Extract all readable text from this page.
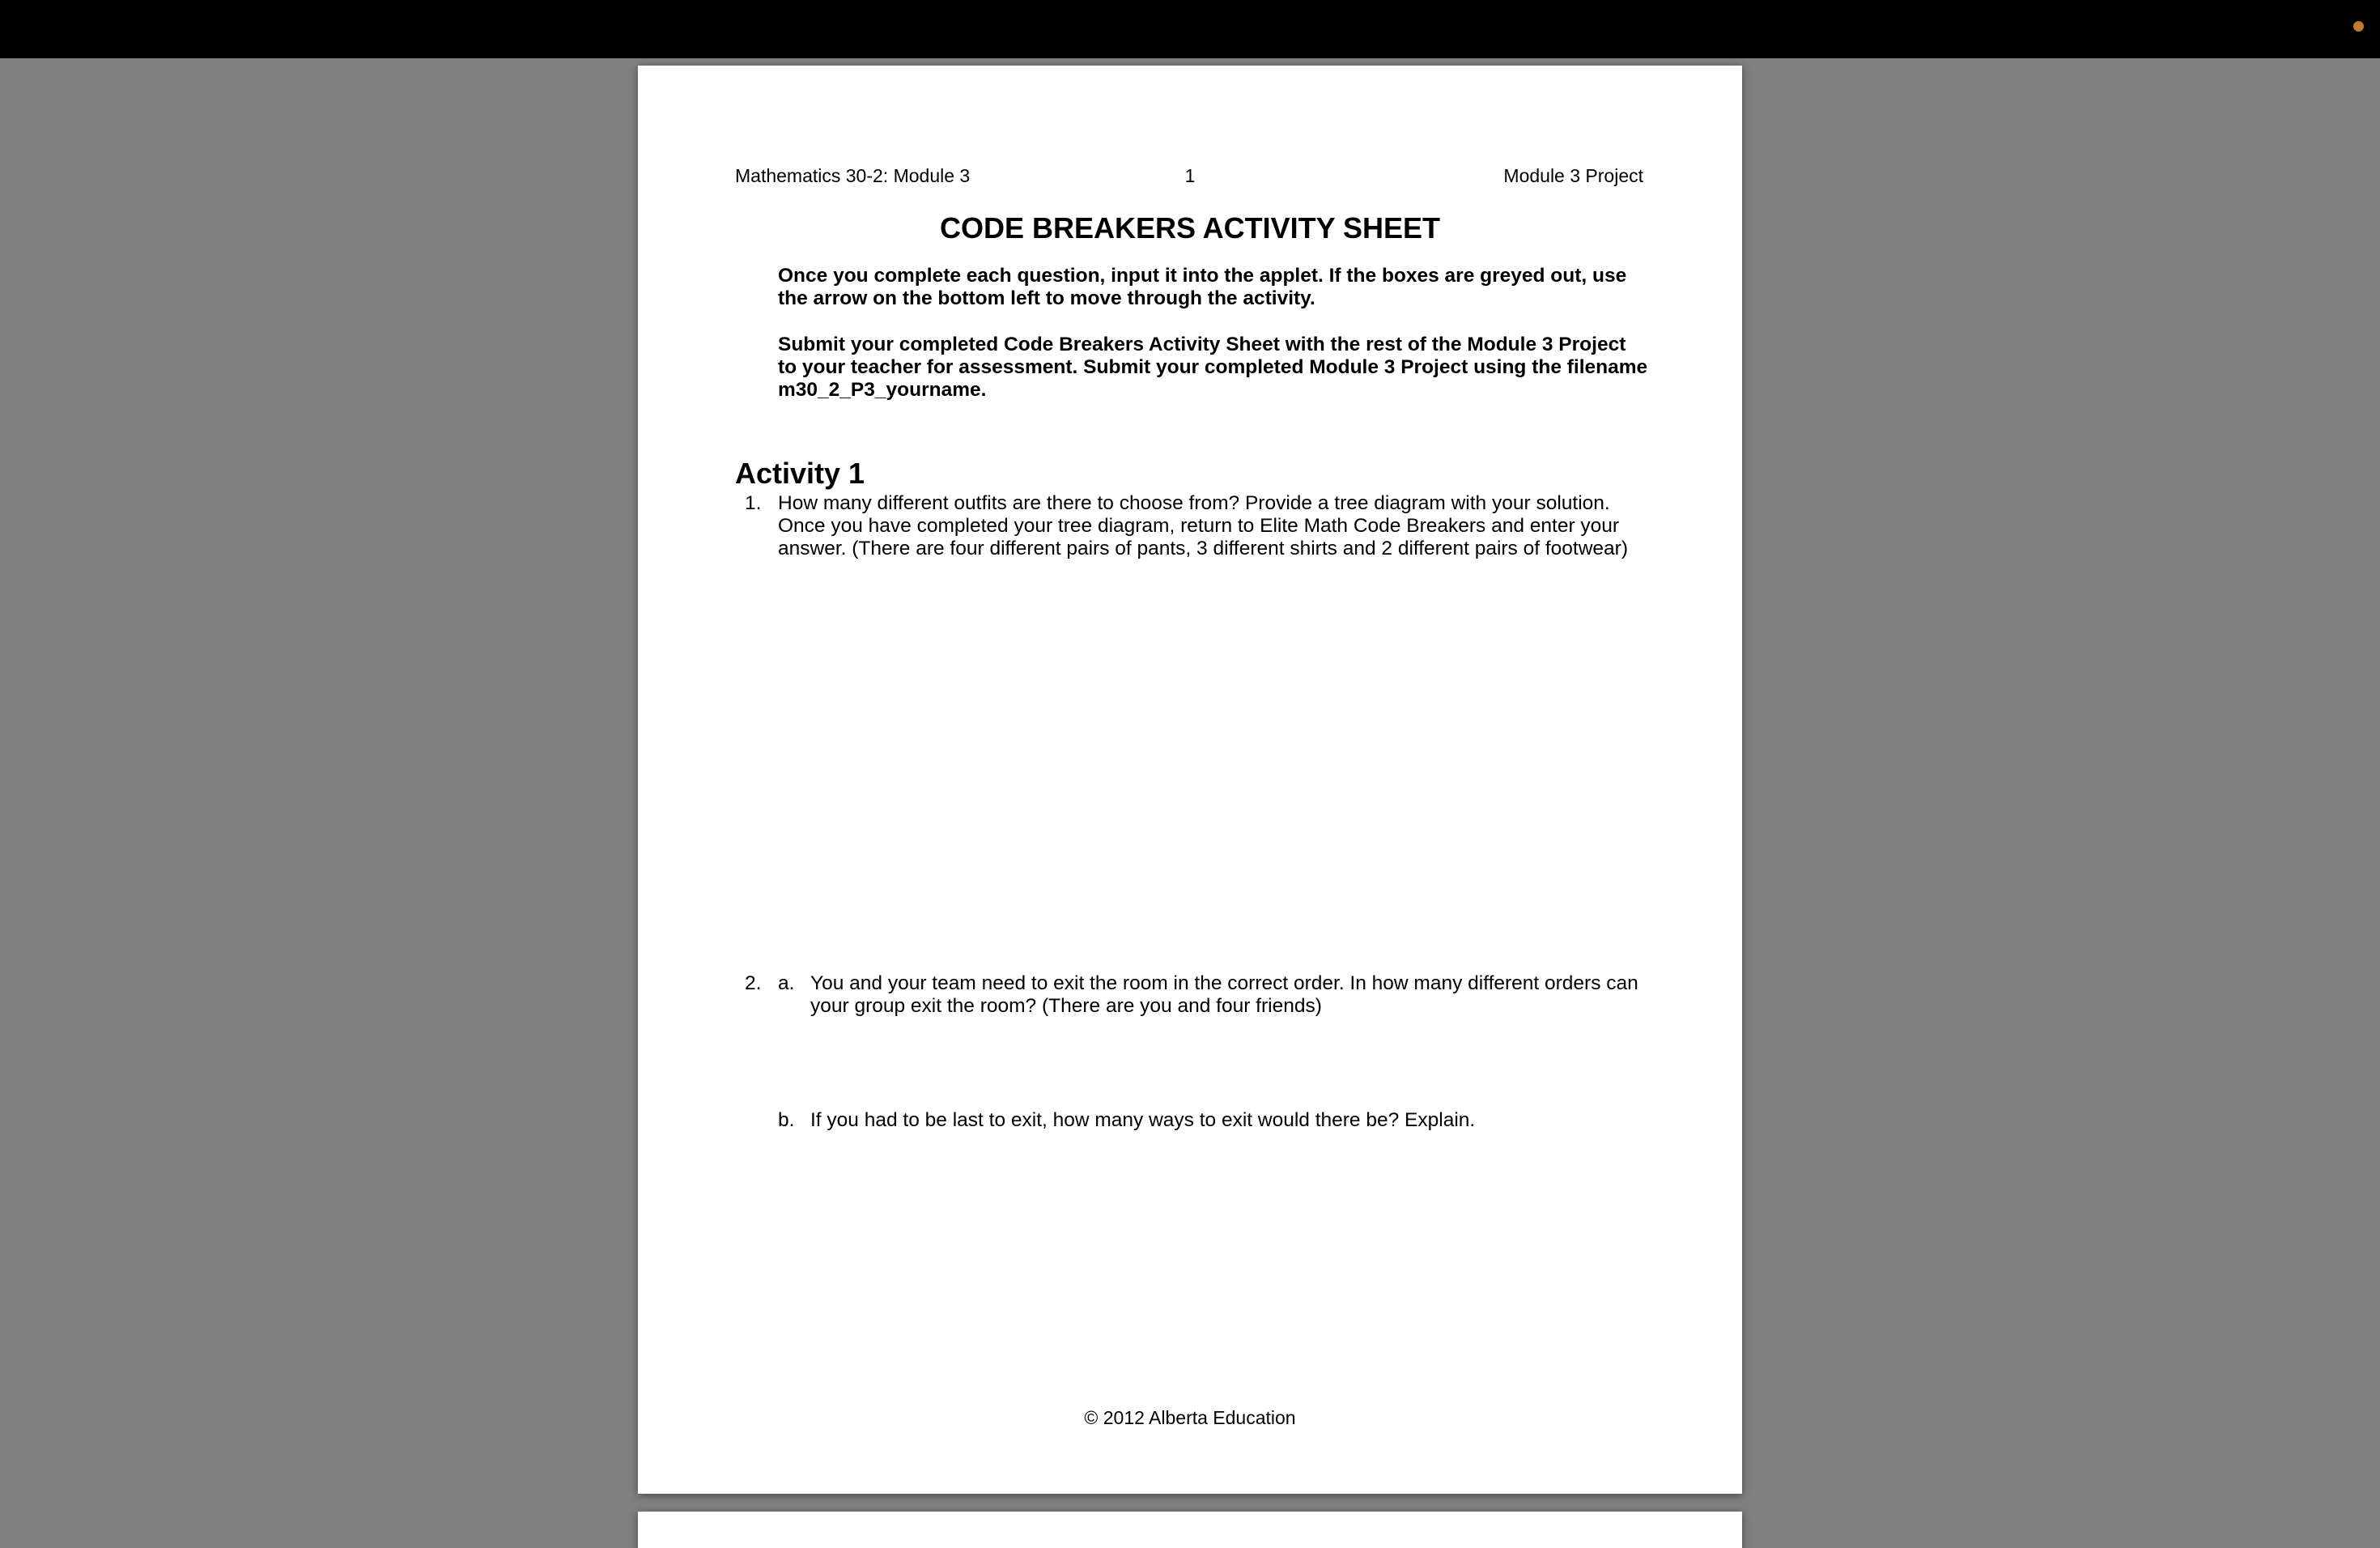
Mathematics 30-2: Module 3	1	Module 3 Project
CODE BREAKERS ACTIVITY SHEET
Once you complete each question, input it into the applet. If the boxes are greyed out, use the arrow on the bottom left to move through the activity.
Submit your completed Code Breakers Activity Sheet with the rest of the Module 3 Project to your teacher for assessment. Submit your completed Module 3 Project using the filename m30_2_P3_yourname.
Activity 1
1. How many different outfits are there to choose from? Provide a tree diagram with your solution. Once you have completed your tree diagram, return to Elite Math Code Breakers and enter your answer. (There are four different pairs of pants, 3 different shirts and 2 different pairs of footwear)
2. a. You and your team need to exit the room in the correct order. In how many different orders can your group exit the room? (There are you and four friends)
b. If you had to be last to exit, how many ways to exit would there be? Explain.
© 2012 Alberta Education
